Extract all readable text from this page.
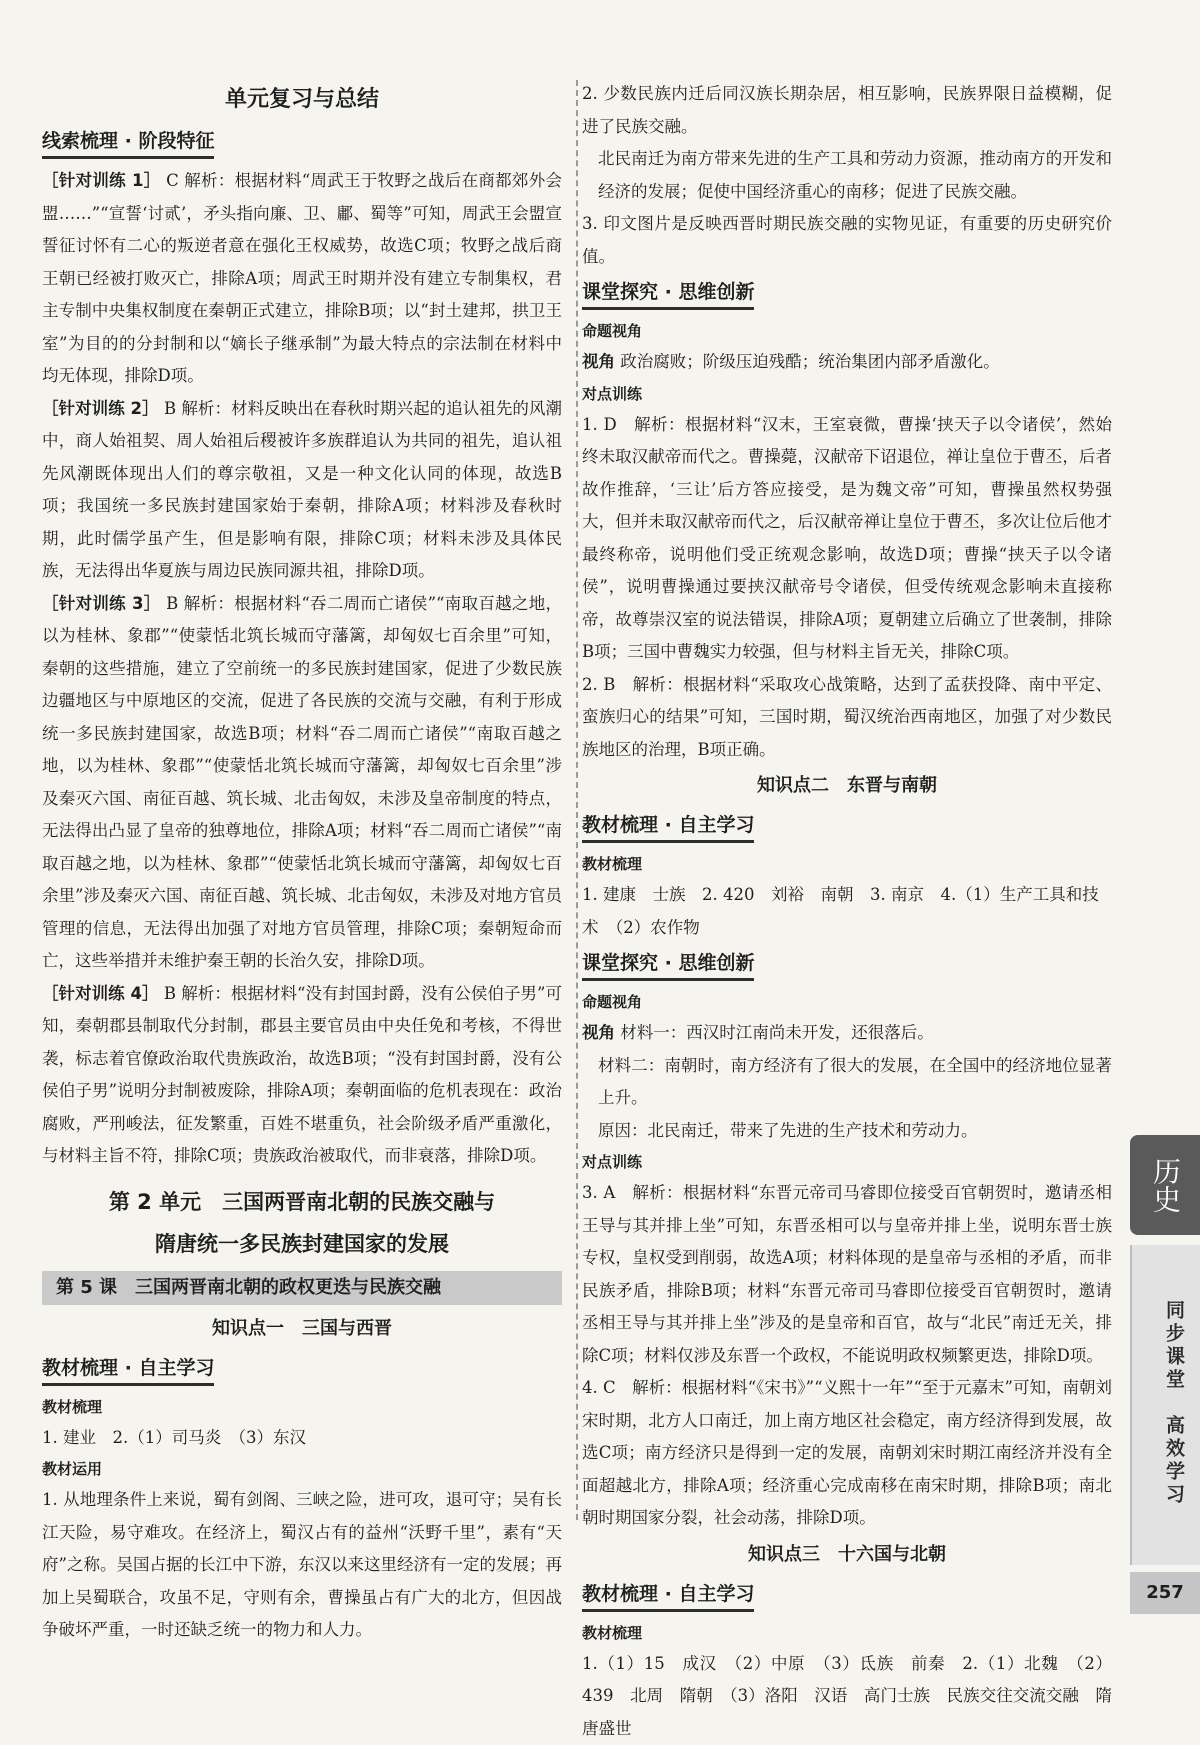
单元复习与总结
线索梳理 · 阶段特征
［针对训练 1］ C 解析：根据材料“周武王于牧野之战后在商都郊外会盟……”“宣誓‘讨贰’，矛头指向廉、卫、鄘、蜀等”可知，周武王会盟宣誓征讨怀有二心的叛逆者意在强化王权威势，故选C项；牧野之战后商王朝已经被打败灭亡，排除A项；周武王时期并没有建立专制集权，君主专制中央集权制度在秦朝正式建立，排除B项；以“封土建邦，拱卫王室”为目的的分封制和以“嫡长子继承制”为最大特点的宗法制在材料中均无体现，排除D项。
［针对训练 2］ B 解析：材料反映出在春秋时期兴起的追认祖先的风潮中，商人始祖契、周人始祖后稷被许多族群追认为共同的祖先，追认祖先风潮既体现出人们的尊宗敬祖，又是一种文化认同的体现，故选B项；我国统一多民族封建国家始于秦朝，排除A项；材料涉及春秋时期，此时儒学虽产生，但是影响有限，排除C项；材料未涉及具体民族，无法得出华夏族与周边民族同源共祖，排除D项。
［针对训练 3］ B 解析：根据材料“吞二周而亡诸侯”“南取百越之地，以为桂林、象郡”“使蒙恬北筑长城而守藩篱，却匈奴七百余里”可知，秦朝的这些措施，建立了空前统一的多民族封建国家，促进了少数民族边疆地区与中原地区的交流，促进了各民族的交流与交融，有利于形成统一多民族封建国家，故选B项；材料“吞二周而亡诸侯”“南取百越之地，以为桂林、象郡”“使蒙恬北筑长城而守藩篱，却匈奴七百余里”涉及秦灭六国、南征百越、筑长城、北击匈奴，未涉及皇帝制度的特点，无法得出凸显了皇帝的独尊地位，排除A项；材料“吞二周而亡诸侯”“南取百越之地，以为桂林、象郡”“使蒙恬北筑长城而守藩篱，却匈奴七百余里”涉及秦灭六国、南征百越、筑长城、北击匈奴，未涉及对地方官员管理的信息，无法得出加强了对地方官员管理，排除C项；秦朝短命而亡，这些举措并未维护秦王朝的长治久安，排除D项。
［针对训练 4］ B 解析：根据材料“没有封国封爵，没有公侯伯子男”可知，秦朝郡县制取代分封制，郡县主要官员由中央任免和考核，不得世袭，标志着官僚政治取代贵族政治，故选B项；“没有封国封爵，没有公侯伯子男”说明分封制被废除，排除A项；秦朝面临的危机表现在：政治腐败，严刑峻法，征发繁重，百姓不堪重负，社会阶级矛盾严重激化，与材料主旨不符，排除C项；贵族政治被取代，而非衰落，排除D项。
第 2 单元　三国两晋南北朝的民族交融与
隋唐统一多民族封建国家的发展
第 5 课　三国两晋南北朝的政权更迭与民族交融
知识点一　三国与西晋
教材梳理 · 自主学习
教材梳理
1. 建业　2.（1）司马炎　（3）东汉
教材运用
1. 从地理条件上来说，蜀有剑阁、三峡之险，进可攻，退可守；吴有长江天险，易守难攻。在经济上，蜀汉占有的益州“沃野千里”，素有“天府”之称。吴国占据的长江中下游，东汉以来这里经济有一定的发展；再加上吴蜀联合，攻虽不足，守则有余，曹操虽占有广大的北方，但因战争破坏严重，一时还缺乏统一的物力和人力。
2. 少数民族内迁后同汉族长期杂居，相互影响，民族界限日益模糊，促进了民族交融。
北民南迁为南方带来先进的生产工具和劳动力资源，推动南方的开发和经济的发展；促使中国经济重心的南移；促进了民族交融。
3. 印文图片是反映西晋时期民族交融的实物见证，有重要的历史研究价值。
课堂探究 · 思维创新
命题视角
视角 政治腐败；阶级压迫残酷；统治集团内部矛盾激化。
对点训练
1. D　解析：根据材料“汉末，王室衰微，曹操‘挟天子以令诸侯’，然始终未取汉献帝而代之。曹操薨，汉献帝下诏退位，禅让皇位于曹丕，后者故作推辞，‘三让’后方答应接受，是为魏文帝”可知，曹操虽然权势强大，但并未取汉献帝而代之，后汉献帝禅让皇位于曹丕，多次让位后他才最终称帝，说明他们受正统观念影响，故选D项；曹操“挟天子以令诸侯”，说明曹操通过要挟汉献帝号令诸侯，但受传统观念影响未直接称帝，故尊崇汉室的说法错误，排除A项；夏朝建立后确立了世袭制，排除B项；三国中曹魏实力较强，但与材料主旨无关，排除C项。
2. B　解析：根据材料“采取攻心战策略，达到了孟获投降、南中平定、蛮族归心的结果”可知，三国时期，蜀汉统治西南地区，加强了对少数民族地区的治理，B项正确。
知识点二　东晋与南朝
教材梳理 · 自主学习
教材梳理
1. 建康　士族　2. 420　刘裕　南朝　3. 南京　4.（1）生产工具和技术　（2）农作物
课堂探究 · 思维创新
命题视角
视角 材料一：西汉时江南尚未开发，还很落后。
材料二：南朝时，南方经济有了很大的发展，在全国中的经济地位显著上升。
原因：北民南迁，带来了先进的生产技术和劳动力。
对点训练
3. A　解析：根据材料“东晋元帝司马睿即位接受百官朝贺时，邀请丞相王导与其并排上坐”可知，东晋丞相可以与皇帝并排上坐，说明东晋士族专权，皇权受到削弱，故选A项；材料体现的是皇帝与丞相的矛盾，而非民族矛盾，排除B项；材料“东晋元帝司马睿即位接受百官朝贺时，邀请丞相王导与其并排上坐”涉及的是皇帝和百官，故与“北民”南迁无关，排除C项；材料仅涉及东晋一个政权，不能说明政权频繁更迭，排除D项。
4. C　解析：根据材料“《宋书》”“义熙十一年”“至于元嘉末”可知，南朝刘宋时期，北方人口南迁，加上南方地区社会稳定，南方经济得到发展，故选C项；南方经济只是得到一定的发展，南朝刘宋时期江南经济并没有全面超越北方，排除A项；经济重心完成南移在南宋时期，排除B项；南北朝时期国家分裂，社会动荡，排除D项。
知识点三　十六国与北朝
教材梳理 · 自主学习
教材梳理
1.（1）15　成汉　（2）中原　（3）氐族　前秦　2.（1）北魏　（2）439　北周　隋朝　（3）洛阳　汉语　高门士族　民族交往交流交融　隋唐盛世
历史
同步课堂　高效学习
257
